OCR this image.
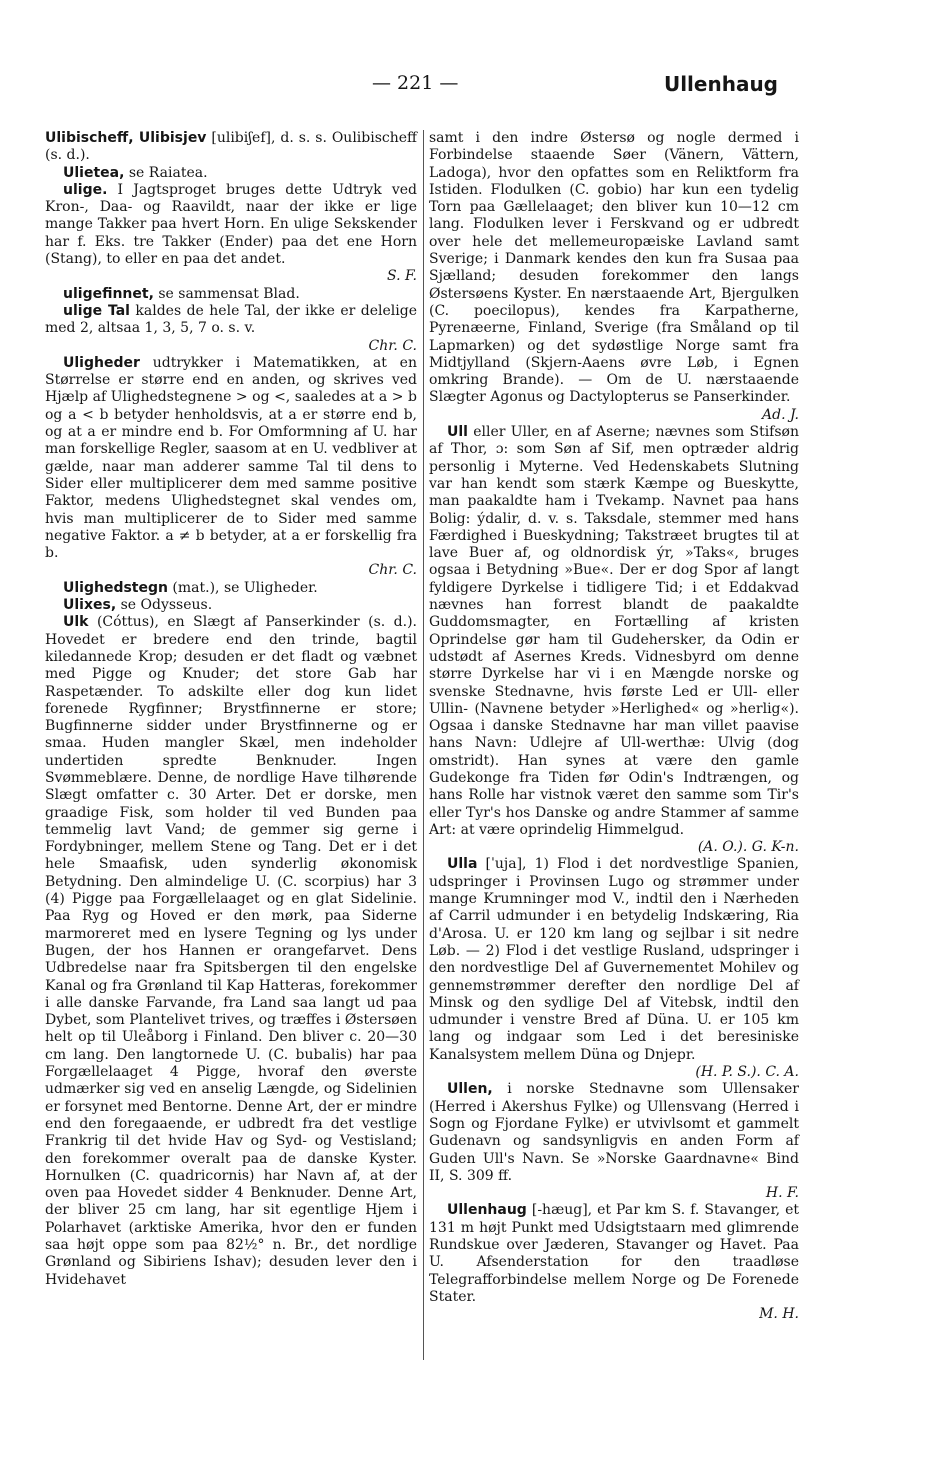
— 221 —	Ullenhaug

Ulibischeff, Ulibisjev [ulibiʃef], d. s. s. Oulibischeff (s. d.).

Ulietea, se Raiatea.

ulige. I Jagtsproget bruges dette Udtryk ved Kron-, Daa- og Raavildt, naar der ikke er lige mange Takker paa hvert Horn. En ulige Sekskender har f. Eks. tre Takker (Ender) paa det ene Horn (Stang), to eller en paa det andet.
S. F.

uligefinnet, se sammensat Blad.

ulige Tal kaldes de hele Tal, der ikke er delelige med 2, altsaa 1, 3, 5, 7 o. s. v.
Chr. C.

Uligheder udtrykker i Matematikken, at en Størrelse er større end en anden, og skrives ved Hjælp af Ulighedstegnene > og <, saaledes at a > b og a < b betyder henholdsvis, at a er større end b, og at a er mindre end b. For Omformning af U. har man forskellige Regler, saasom at en U. vedbliver at gælde, naar man adderer samme Tal til dens to Sider eller multiplicerer dem med samme positive Faktor, medens Ulighedstegnet skal vendes om, hvis man multiplicerer de to Sider med samme negative Faktor. a ≠ b betyder, at a er forskellig fra b.
Chr. C.

Ulighedstegn (mat.), se Uligheder.

Ulixes, se Odysseus.

Ulk (Cóttus), en Slægt af Panserkinder (s. d.). Hovedet er bredere end den trinde, bagtil kiledannede Krop; desuden er det fladt og væbnet med Pigge og Knuder; det store Gab har Raspetænder. To adskilte eller dog kun lidet forenede Rygfinner; Brystfinnerne er store; Bugfinnerne sidder under Brystfinnerne og er smaa. Huden mangler Skæl, men indeholder undertiden spredte Benknuder. Ingen Svømmeblære. Denne, de nordlige Have tilhørende Slægt omfatter c. 30 Arter. Det er dorske, men graadige Fisk, som holder til ved Bunden paa temmelig lavt Vand; de gemmer sig gerne i Fordybninger, mellem Stene og Tang. Det er i det hele Smaafisk, uden synderlig økonomisk Betydning. Den almindelige U. (C. scorpius) har 3 (4) Pigge paa Forgællelaaget og en glat Sidelinie. Paa Ryg og Hoved er den mørk, paa Siderne marmoreret med en lysere Tegning og lys under Bugen, der hos Hannen er orangefarvet. Dens Udbredelse naar fra Spitsbergen til den engelske Kanal og fra Grønland til Kap Hatteras, forekommer i alle danske Farvande, fra Land saa langt ud paa Dybet, som Plantelivet trives, og træffes i Østersøen helt op til Uleåborg i Finland. Den bliver c. 20—30 cm lang. Den langtornede U. (C. bubalis) har paa Forgællelaaget 4 Pigge, hvoraf den øverste udmærker sig ved en anselig Længde, og Sidelinien er forsynet med Bentorne. Denne Art, der er mindre end den foregaaende, er udbredt fra det vestlige Frankrig til det hvide Hav og Syd- og Vestisland; den forekommer overalt paa de danske Kyster. Hornulken (C. quadricornis) har Navn af, at der oven paa Hovedet sidder 4 Benknuder. Denne Art, der bliver 25 cm lang, har sit egentlige Hjem i Polarhavet (arktiske Amerika, hvor den er funden saa højt oppe som paa 82½° n. Br., det nordlige Grønland og Sibiriens Ishav); desuden lever den i Hvidehavet

samt i den indre Østersø og nogle dermed i Forbindelse staaende Søer (Vänern, Vättern, Ladoga), hvor den opfattes som en Reliktform fra Istiden. Flodulken (C. gobio) har kun een tydelig Torn paa Gællelaaget; den bliver kun 10—12 cm lang. Flodulken lever i Ferskvand og er udbredt over hele det mellemeuropæiske Lavland samt Sverige; i Danmark kendes den kun fra Susaa paa Sjælland; desuden forekommer den langs Østersøens Kyster. En nærstaaende Art, Bjergulken (C. poecilopus), kendes fra Karpatherne, Pyrenæerne, Finland, Sverige (fra Småland op til Lapmarken) og det sydøstlige Norge samt fra Midtjylland (Skjern-Aaens øvre Løb, i Egnen omkring Brande). — Om de U. nærstaaende Slægter Agonus og Dactylopterus se Panserkinder.
Ad. J.

Ull eller Uller, en af Aserne; nævnes som Stifsøn af Thor, ɔ: som Søn af Sif, men optræder aldrig personlig i Myterne. Ved Hedenskabets Slutning var han kendt som stærk Kæmpe og Bueskytte, man paakaldte ham i Tvekamp. Navnet paa hans Bolig: ýdalir, d. v. s. Taksdale, stemmer med hans Færdighed i Bueskydning; Takstræet brugtes til at lave Buer af, og oldnordisk ýr, »Taks«, bruges ogsaa i Betydning »Bue«. Der er dog Spor af langt fyldigere Dyrkelse i tidligere Tid; i et Eddakvad nævnes han forrest blandt de paakaldte Guddomsmagter, en Fortælling af kristen Oprindelse gør ham til Gudehersker, da Odin er udstødt af Asernes Kreds. Vidnesbyrd om denne større Dyrkelse har vi i en Mængde norske og svenske Stednavne, hvis første Led er Ull- eller Ullin- (Navnene betyder »Herlighed« og »herlig«). Ogsaa i danske Stednavne har man villet paavise hans Navn: Udlejre af Ull-werthæ: Ulvig (dog omstridt). Han synes at være den gamle Gudekonge fra Tiden før Odin's Indtrængen, og hans Rolle har vistnok været den samme som Tir's eller Tyr's hos Danske og andre Stammer af samme Art: at være oprindelig Himmelgud.
(A. O.). G. K-n.

Ulla [ˈuja], 1) Flod i det nordvestlige Spanien, udspringer i Provinsen Lugo og strømmer under mange Krumninger mod V., indtil den i Nærheden af Carril udmunder i en betydelig Indskæring, Ria d'Arosa. U. er 120 km lang og sejlbar i sit nedre Løb. — 2) Flod i det vestlige Rusland, udspringer i den nordvestlige Del af Guvernementet Mohilev og gennemstrømmer derefter den nordlige Del af Minsk og den sydlige Del af Vitebsk, indtil den udmunder i venstre Bred af Düna. U. er 105 km lang og indgaar som Led i det beresiniske Kanalsystem mellem Düna og Dnjepr.
(H. P. S.). C. A.

Ullen, i norske Stednavne som Ullensaker (Herred i Akershus Fylke) og Ullensvang (Herred i Sogn og Fjordane Fylke) er utvivlsomt et gammelt Gudenavn og sandsynligvis en anden Form af Guden Ull's Navn. Se »Norske Gaardnavne« Bind II, S. 309 ff.
H. F.

Ullenhaug [-hæug], et Par km S. f. Stavanger, et 131 m højt Punkt med Udsigtstaarn med glimrende Rundskue over Jæderen, Stavanger og Havet. Paa U. Afsenderstation for den traadløse Telegrafforbindelse mellem Norge og De Forenede Stater.
M. H.
